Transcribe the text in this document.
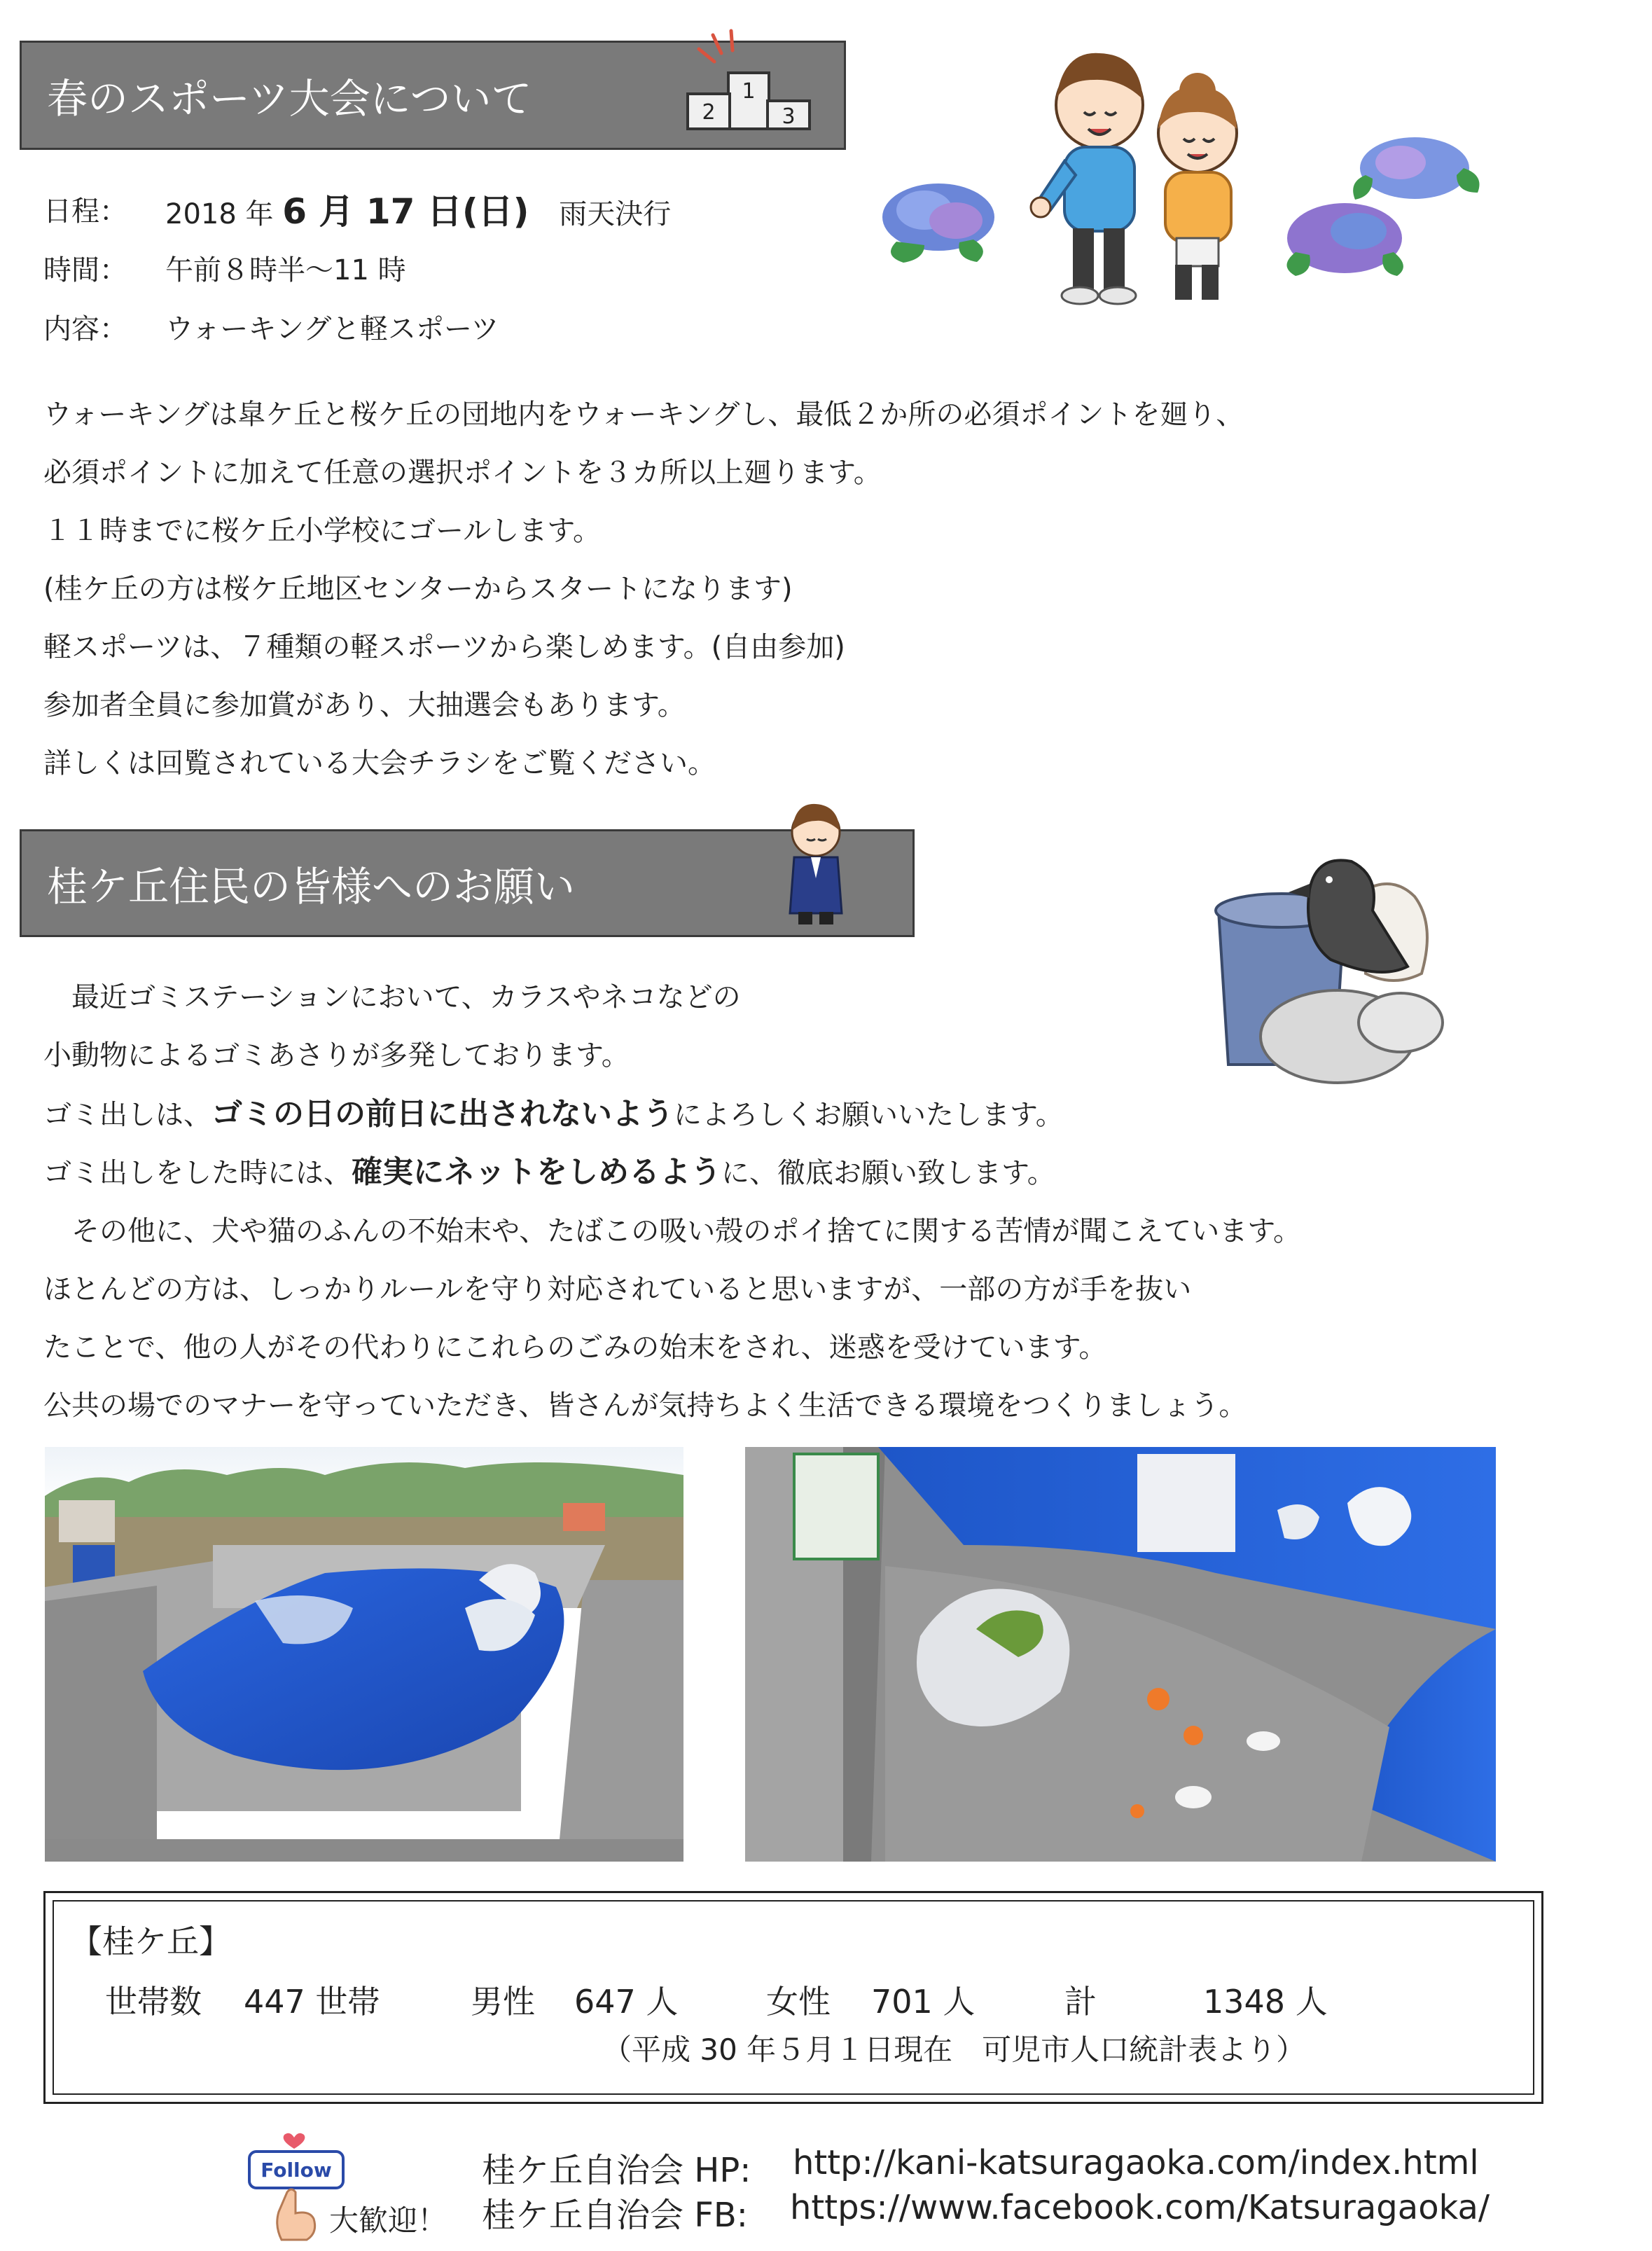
春のスポーツ大会について	1
2	3
日程： 2018 年 6 月 17 日(日) 雨天決行
時間： 午前８時半～11 時
内容： ウォーキングと軽スポーツ
ウォーキングは皐ケ丘と桜ケ丘の団地内をウォーキングし、最低２か所の必須ポイントを廻り、
必須ポイントに加えて任意の選択ポイントを３カ所以上廻ります。
１１時までに桜ケ丘小学校にゴールします。
(桂ケ丘の方は桜ケ丘地区センターからスタートになります)
軽スポーツは、７種類の軽スポーツから楽しめます。(自由参加)
参加者全員に参加賞があり、大抽選会もあります。
詳しくは回覧されている大会チラシをご覧ください。
桂ケ丘住民の皆様へのお願い
　最近ゴミステーションにおいて、カラスやネコなどの
小動物によるゴミあさりが多発しております。
ゴミ出しは、ゴミの日の前日に出されないようによろしくお願いいたします。
ゴミ出しをした時には、確実にネットをしめるように、徹底お願い致します。
　その他に、犬や猫のふんの不始末や、たばこの吸い殻のポイ捨てに関する苦情が聞こえています。
ほとんどの方は、しっかりルールを守り対応されていると思いますが、一部の方が手を抜い
たことで、他の人がその代わりにこれらのごみの始末をされ、迷惑を受けています。
公共の場でのマナーを守っていただき、皆さんが気持ちよく生活できる環境をつくりましょう。
【桂ケ丘】
世帯数 447 世帯	男性 647 人	女性 701 人	計	1348 人
（平成 30 年５月１日現在　可児市人口統計表より）
Follow
大歓迎！
桂ケ丘自治会 HP: http://kani-katsuragaoka.com/index.html
桂ケ丘自治会 FB: https://www.facebook.com/Katsuragaoka/
